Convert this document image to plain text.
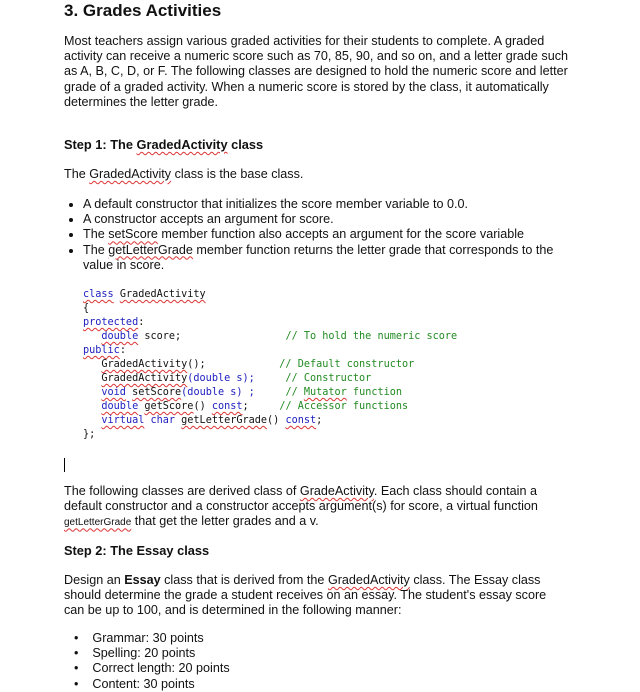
3. Grades Activities
Most teachers assign various graded activities for their students to complete. A graded activity can receive a numeric score such as 70, 85, 90, and so on, and a letter grade such as A, B, C, D, or F. The following classes are designed to hold the numeric score and letter grade of a graded activity. When a numeric score is stored by the class, it automatically determines the letter grade.
Step 1: The GradedActivity class
The GradedActivity class is the base class.
• A default constructor that initializes the score member variable to 0.0.
• A constructor accepts an argument for score.
• The setScore member function also accepts an argument for the score variable
• The getLetterGrade member function returns the letter grade that corresponds to the value in score.
class GradedActivity
{
protected:
double score;	// To hold the numeric score
public:
GradedActivity();	// Default constructor
GradedActivity(double s);	// Constructor
void setScore(double s) ;	// Mutator function
double getScore() const;	// Accessor functions
virtual char getLetterGrade() const;
};
The following classes are derived class of GradeActivity. Each class should contain a default constructor and a constructor accepts argument(s) for score, a virtual function getLetterGrade that get the letter grades and a v.
Step 2: The Essay class
Design an Essay class that is derived from the GradedActivity class. The Essay class should determine the grade a student receives on an essay. The student's essay score can be up to 100, and is determined in the following manner:
•    Grammar: 30 points
•    Spelling: 20 points
•    Correct length: 20 points
•    Content: 30 points
